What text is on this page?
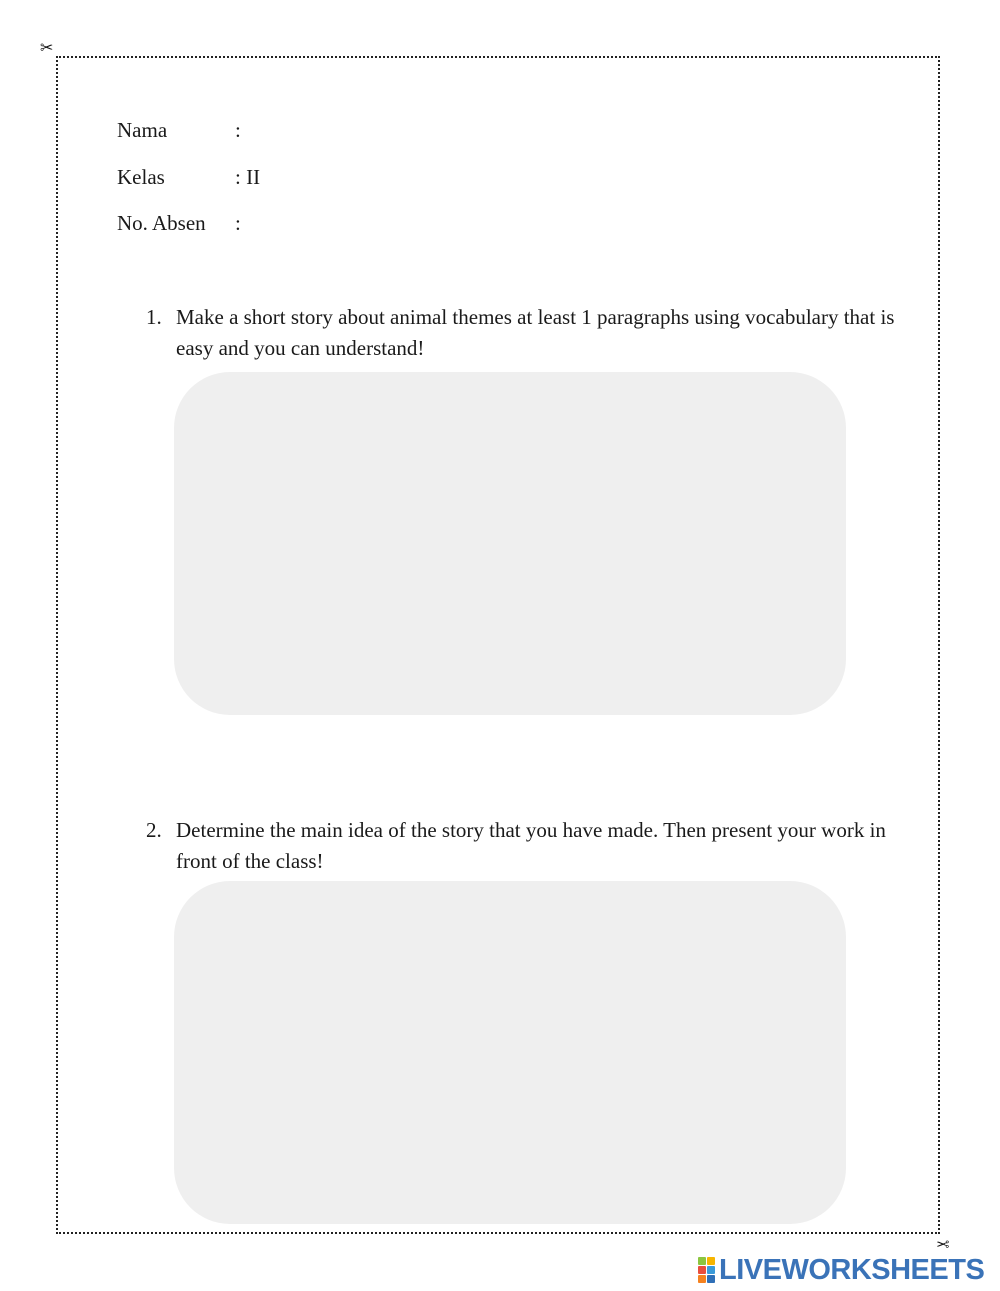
✂
✂
Nama	:
Kelas	: II
No. Absen :
1. Make a short story about animal themes at least 1 paragraphs using vocabulary that is easy and you can understand!
2. Determine the main idea of the story that you have made. Then present your work in front of the class!
LIVEWORKSHEETS
